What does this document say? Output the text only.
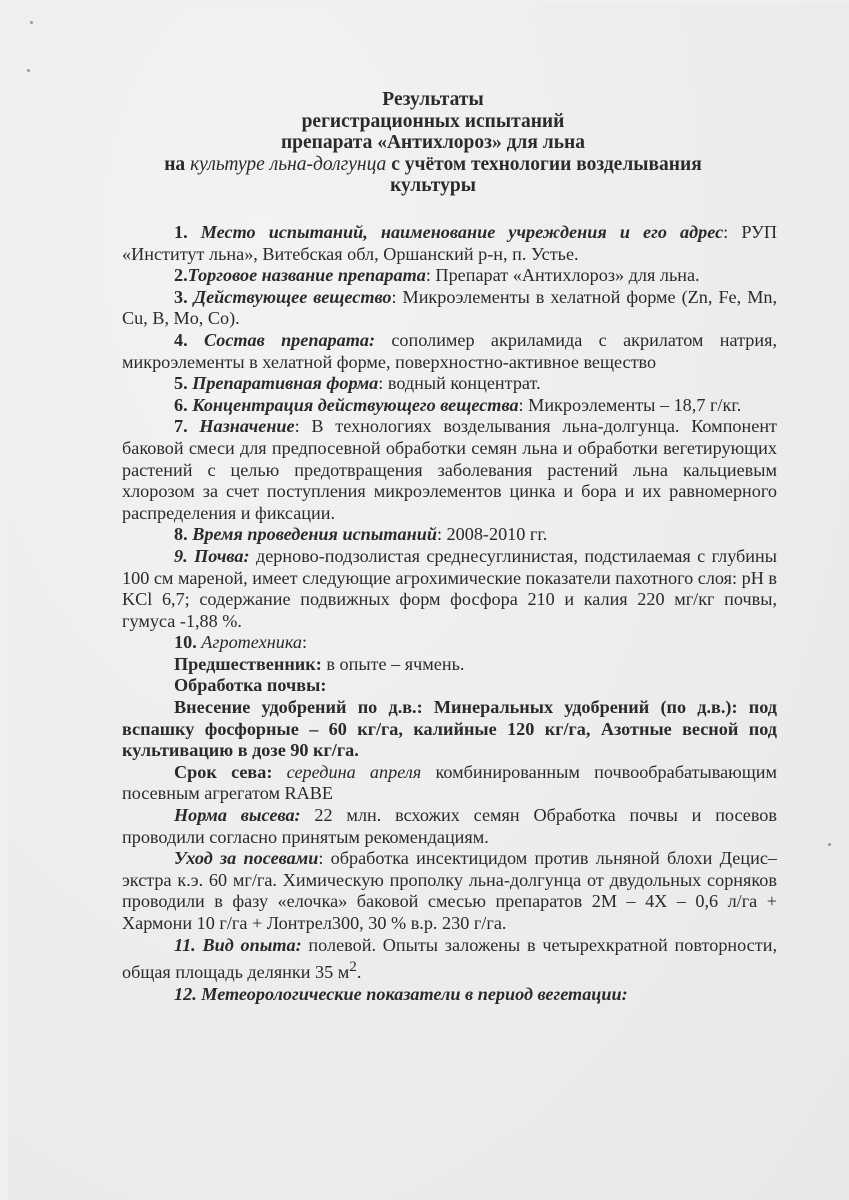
Результаты
регистрационных испытаний
препарата «Антихлороз» для льна
на культуре льна-долгунца с учётом технологии возделывания
культуры

1. Место испытаний, наименование учреждения и его адрес: РУП «Институт льна», Витебская обл, Оршанский р-н, п. Устье.

2.Торговое название препарата: Препарат «Антихлороз» для льна.

3. Действующее вещество: Микроэлементы в хелатной форме (Zn, Fe, Mn, Cu, B, Mo, Co).

4. Состав препарата: сополимер акриламида с акрилатом натрия, микроэлементы в хелатной форме, поверхностно-активное вещество

5. Препаративная форма: водный концентрат.

6. Концентрация действующего вещества: Микроэлементы – 18,7 г/кг.

7. Назначение: В технологиях возделывания льна-долгунца. Компонент баковой смеси для предпосевной обработки семян льна и обработки вегетирующих растений с целью предотвращения заболевания растений льна кальциевым хлорозом за счет поступления микроэлементов цинка и бора и их равномерного распределения и фиксации.

8. Время проведения испытаний: 2008-2010 гг.

9. Почва: дерново-подзолистая среднесуглинистая, подстилаемая с глубины 100 см мареной, имеет следующие агрохимические показатели пахотного слоя: pH в KCl 6,7; содержание подвижных форм фосфора 210 и калия 220 мг/кг почвы, гумуса -1,88 %.

10. Агротехника:

Предшественник: в опыте – ячмень.

Обработка почвы:

Внесение удобрений по д.в.: Минеральных удобрений (по д.в.): под вспашку фосфорные – 60 кг/га, калийные 120 кг/га, Азотные весной под культивацию в дозе 90 кг/га.

Срок сева: середина апреля комбинированным почвообрабатывающим посевным агрегатом RABE

Норма высева: 22 млн. всхожих семян Обработка почвы и посевов проводили согласно принятым рекомендациям.

Уход за посевами: обработка инсектицидом против льняной блохи Децис–экстра к.э. 60 мг/га. Химическую прополку льна-долгунца от двудольных сорняков проводили в фазу «елочка» баковой смесью препаратов 2М – 4Х – 0,6 л/га + Хармони 10 г/га + Лонтрел300, 30 % в.р. 230 г/га.

11. Вид опыта: полевой. Опыты заложены в четырехкратной повторности, общая площадь делянки 35 $м^2$.

12. Метеорологические показатели в период вегетации:
